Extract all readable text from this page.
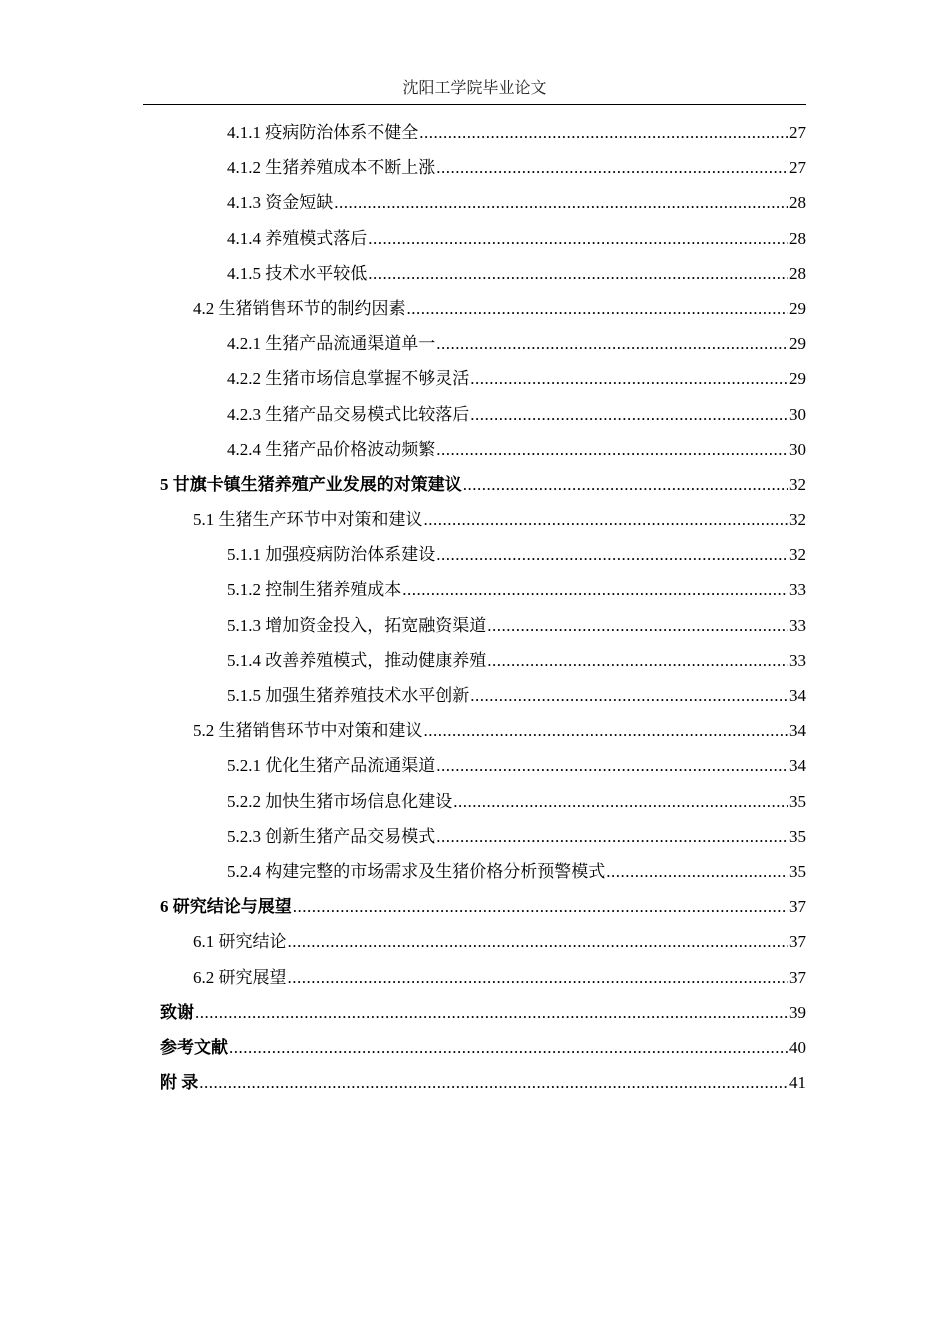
沈阳工学院毕业论文
4.1.1 疫病防治体系不健全 .....	27
4.1.2 生猪养殖成本不断上涨 .....	27
4.1.3 资金短缺 .....	28
4.1.4 养殖模式落后 .....	28
4.1.5 技术水平较低 .....	28
4.2 生猪销售环节的制约因素 .....	29
4.2.1 生猪产品流通渠道单一 .....	29
4.2.2 生猪市场信息掌握不够灵活 .....	29
4.2.3 生猪产品交易模式比较落后 .....	30
4.2.4 生猪产品价格波动频繁 .....	30
5 甘旗卡镇生猪养殖产业发展的对策建议 .....	32
5.1 生猪生产环节中对策和建议 .....	32
5.1.1 加强疫病防治体系建设 .....	32
5.1.2 控制生猪养殖成本 .....	33
5.1.3 增加资金投入，拓宽融资渠道 .....	33
5.1.4 改善养殖模式，推动健康养殖 .....	33
5.1.5 加强生猪养殖技术水平创新 .....	34
5.2 生猪销售环节中对策和建议 .....	34
5.2.1 优化生猪产品流通渠道 .....	34
5.2.2 加快生猪市场信息化建设 .....	35
5.2.3 创新生猪产品交易模式 .....	35
5.2.4 构建完整的市场需求及生猪价格分析预警模式 .....	35
6 研究结论与展望 .....	37
6.1 研究结论 .....	37
6.2 研究展望 .....	37
致谢 .....	39
参考文献 .....	40
附 录 .....	41
